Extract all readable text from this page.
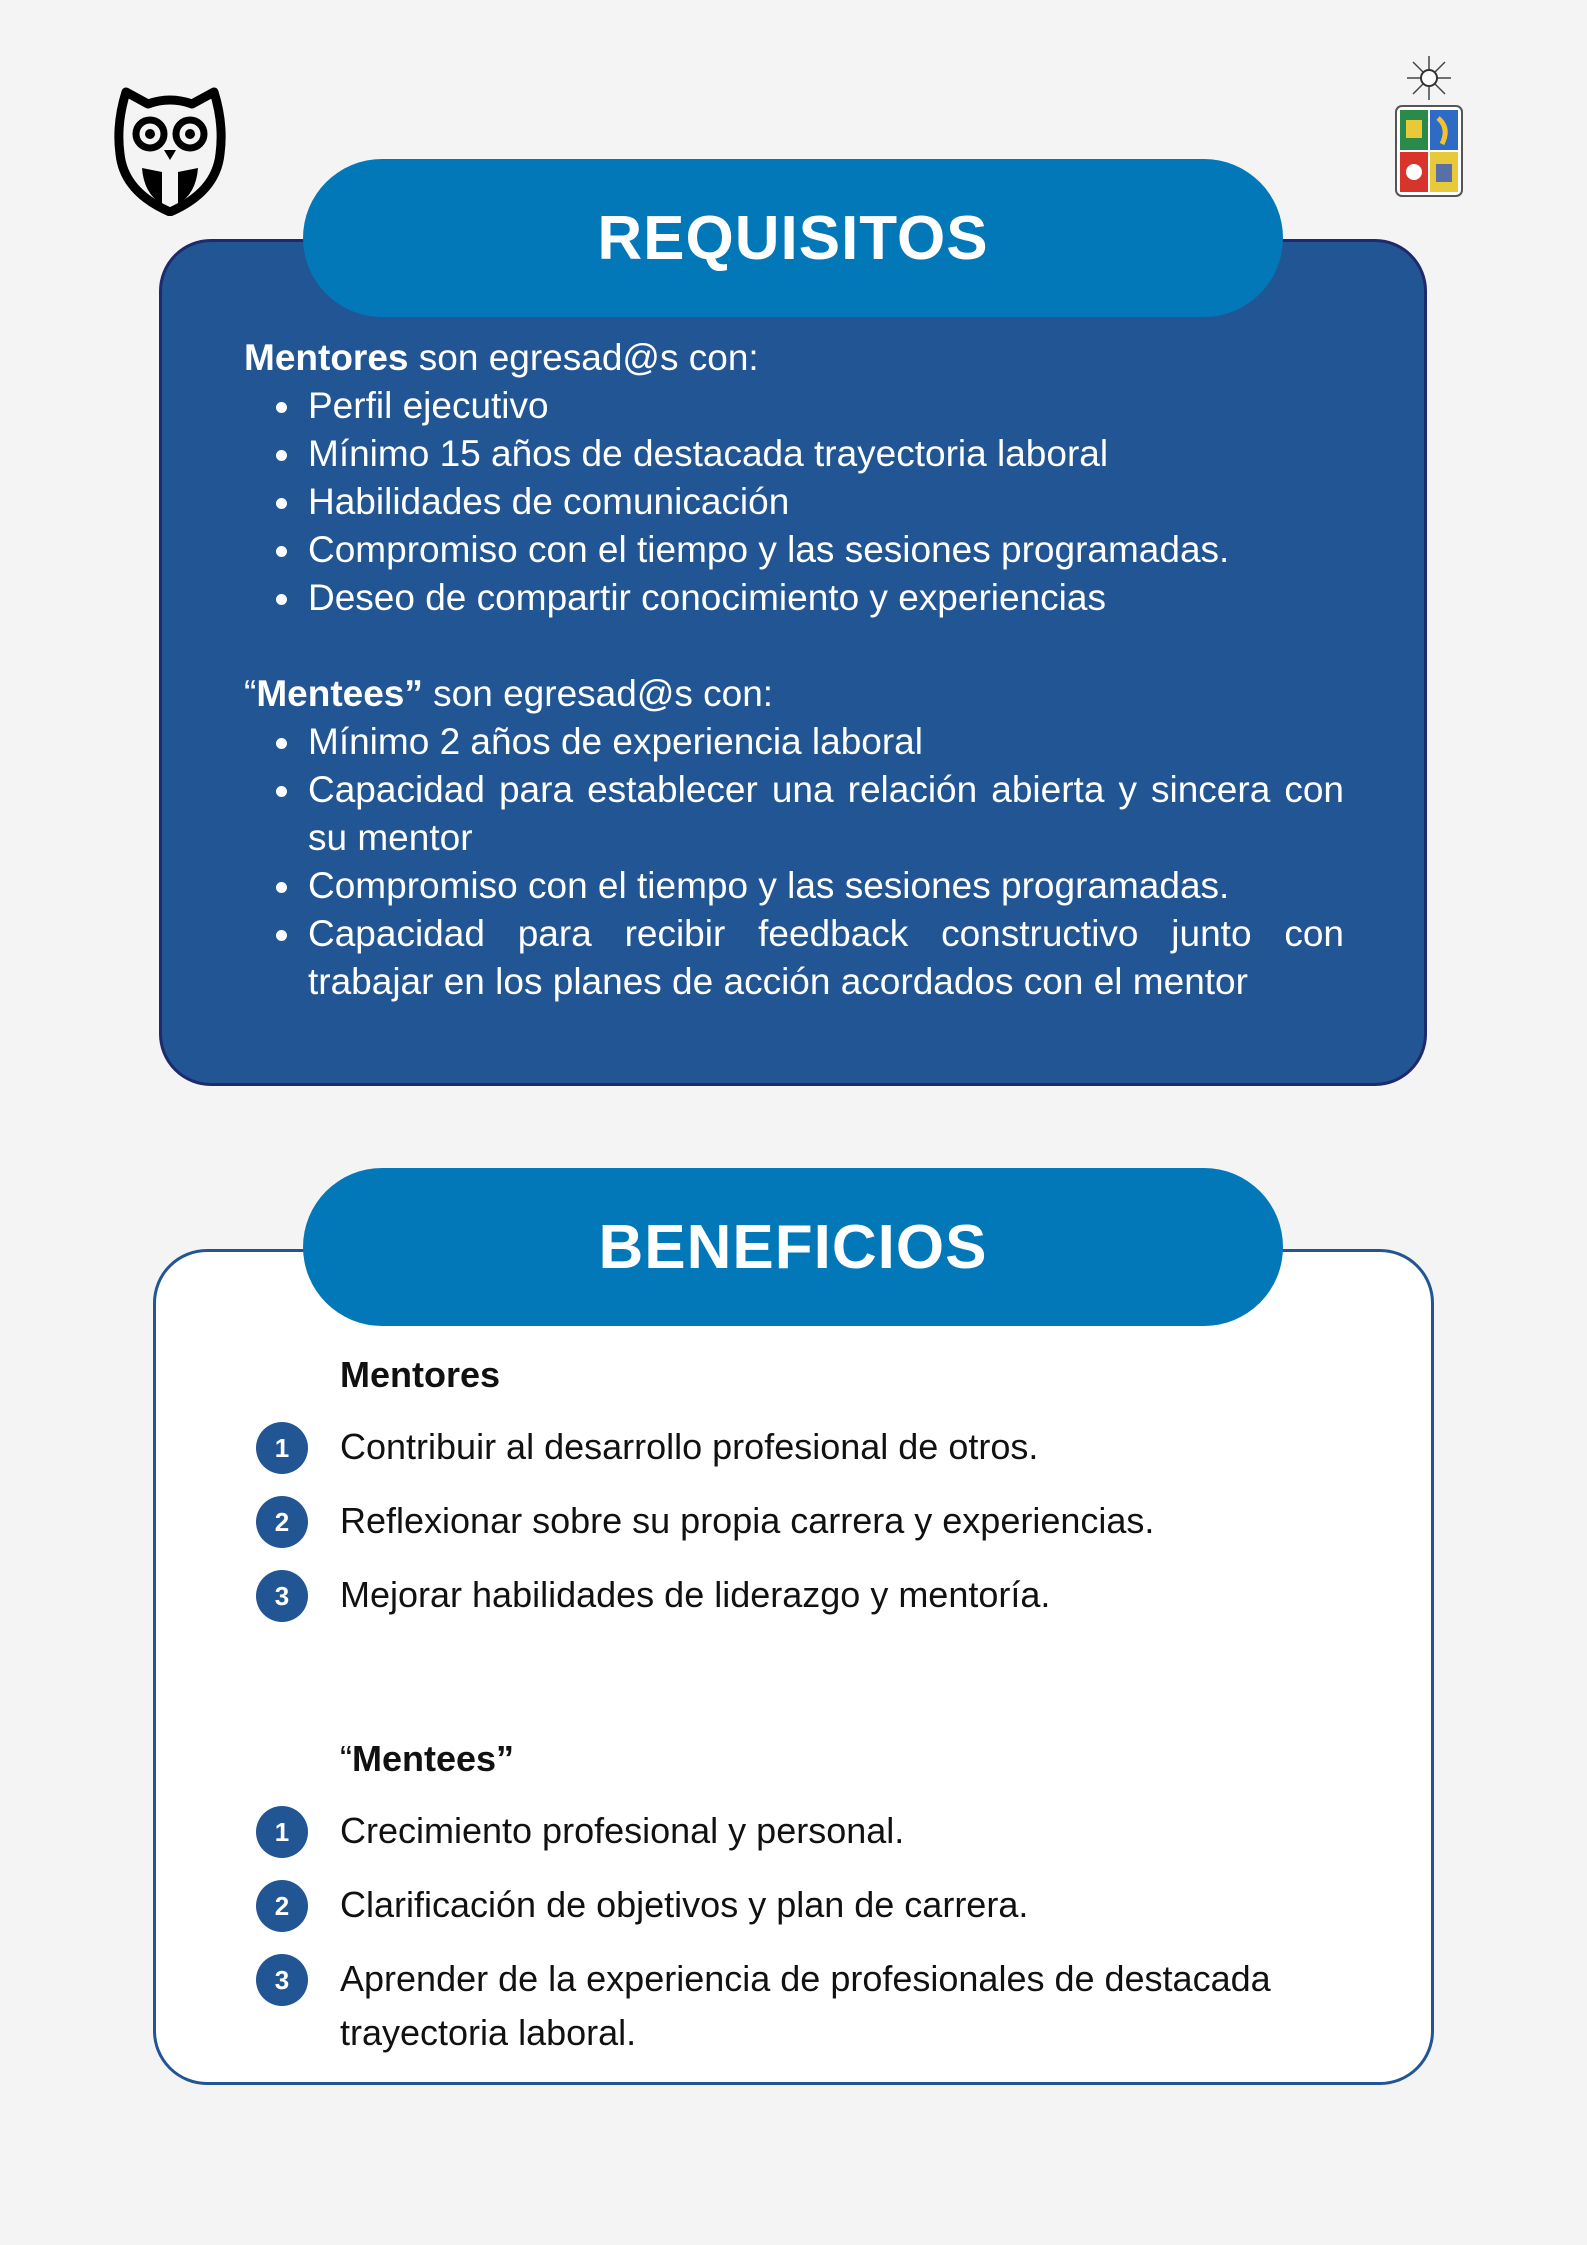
REQUISITOS

Mentores son egresad@s con:

Perfil ejecutivo
Mínimo 15 años de destacada trayectoria laboral
Habilidades de comunicación
Compromiso con el tiempo y las sesiones programadas.
Deseo de compartir conocimiento y experiencias

“Mentees” son egresad@s con:

Mínimo 2 años de experiencia laboral
Capacidad para establecer una relación abierta y sincera con su mentor
Compromiso con el tiempo y las sesiones programadas.
Capacidad para recibir feedback constructivo junto con trabajar en los planes de acción acordados con el mentor
BENEFICIOS

Mentores

1	Contribuir al desarrollo profesional de otros.
2	Reflexionar sobre su propia carrera y experiencias.
3	Mejorar habilidades de liderazgo y mentoría.

“Mentees”

1	Crecimiento profesional y personal.
2	Clarificación de objetivos y plan de carrera.
3	Aprender de la experiencia de profesionales de destacada trayectoria laboral.
